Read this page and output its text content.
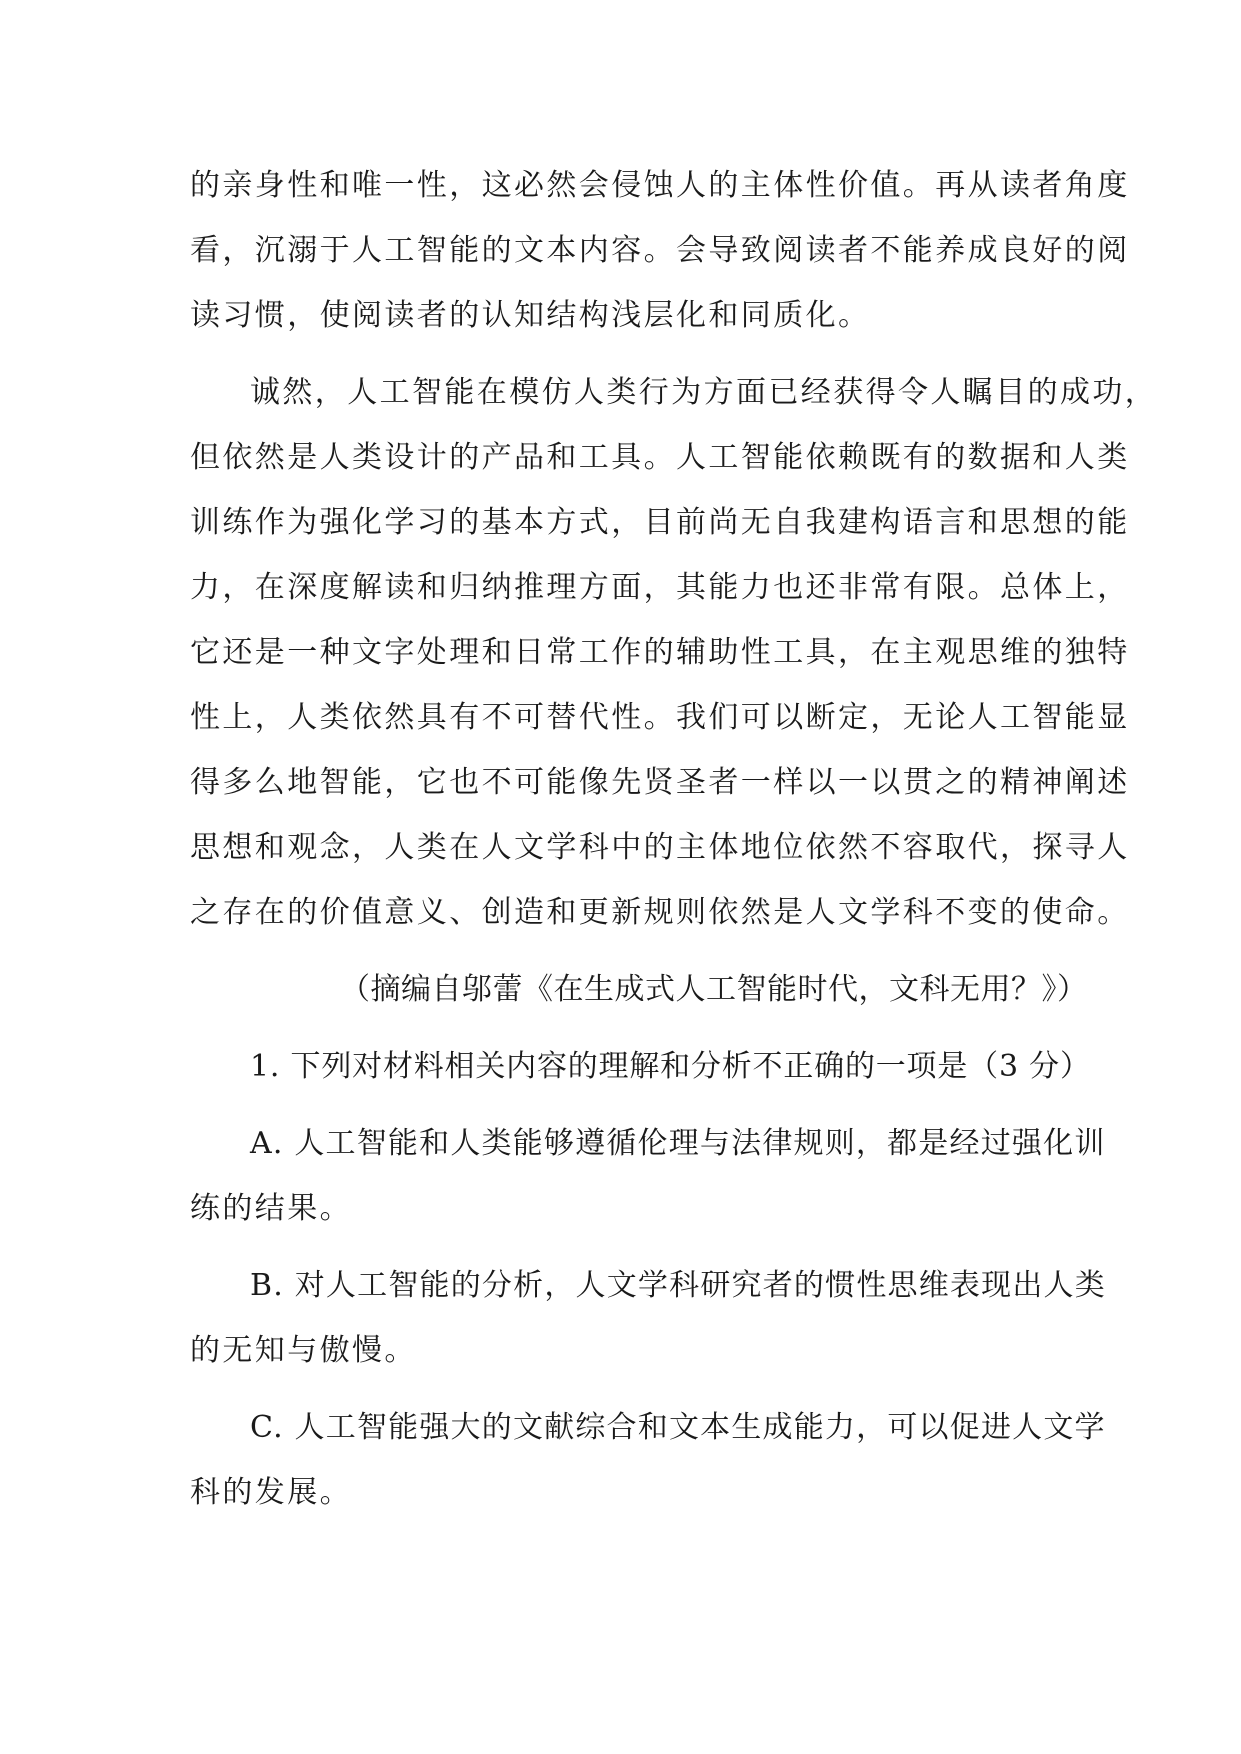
的亲身性和唯一性，这必然会侵蚀人的主体性价值。再从读者角度
看，沉溺于人工智能的文本内容。会导致阅读者不能养成良好的阅
读习惯，使阅读者的认知结构浅层化和同质化。
诚然，人工智能在模仿人类行为方面已经获得令人瞩目的成功，
但依然是人类设计的产品和工具。人工智能依赖既有的数据和人类
训练作为强化学习的基本方式，目前尚无自我建构语言和思想的能
力，在深度解读和归纳推理方面，其能力也还非常有限。总体上，
它还是一种文字处理和日常工作的辅助性工具，在主观思维的独特
性上，人类依然具有不可替代性。我们可以断定，无论人工智能显
得多么地智能，它也不可能像先贤圣者一样以一以贯之的精神阐述
思想和观念，人类在人文学科中的主体地位依然不容取代，探寻人
之存在的价值意义、创造和更新规则依然是人文学科不变的使命。
（摘编自邬蕾《在生成式人工智能时代，文科无用？》）
1. 下列对材料相关内容的理解和分析不正确的一项是（3 分）
A. 人工智能和人类能够遵循伦理与法律规则，都是经过强化训
练的结果。
B. 对人工智能的分析，人文学科研究者的惯性思维表现出人类
的无知与傲慢。
C. 人工智能强大的文献综合和文本生成能力，可以促进人文学
科的发展。
